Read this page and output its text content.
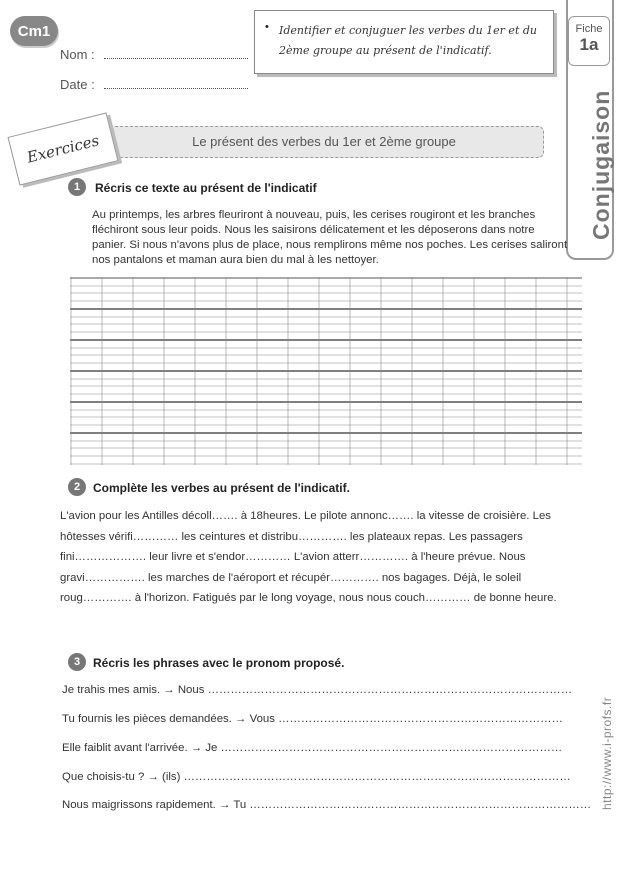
Cm1
Nom :
Date :
• Identifier et conjuguer les verbes du 1er et du 2ème groupe au présent de l'indicatif.
Fiche
1a
Conjugaison
Le présent des verbes du 1er et 2ème groupe
Exercices
1	Récris ce texte au présent de l'indicatif
Au printemps, les arbres fleuriront à nouveau, puis, les cerises rougiront et les branches fléchiront sous leur poids. Nous les saisirons délicatement et les déposerons dans notre panier. Si nous n'avons plus de place, nous remplirons même nos poches. Les cerises saliront nos pantalons et maman aura bien du mal à les nettoyer.
2	Complète les verbes au présent de l'indicatif.
L'avion pour les Antilles décoll……. à 18heures. Le pilote annonc……. la vitesse de croisière. Les hôtesses vérifi………… les ceintures et distribu…………. les plateaux repas. Les passagers fini………………. leur livre et s'endor………… L'avion atterr…………. à l'heure prévue. Nous gravi……………. les marches de l'aéroport et récupér…………. nos bagages. Déjà, le soleil roug…………. à l'horizon. Fatigués par le long voyage, nous nous couch………… de bonne heure.
3	Récris les phrases avec le pronom proposé.
Je trahis mes amis. → Nous ……………………………………………………………………………………
Tu fournis les pièces demandées. → Vous …………………………………………………………………
Elle faiblit avant l'arrivée. → Je ………………………………………………………………………………
Que choisis-tu ? → (ils) …………………………………………………………………………………………
Nous maigrissons rapidement. → Tu ……………………………………………………………………………… http://www.i-profs.fr
